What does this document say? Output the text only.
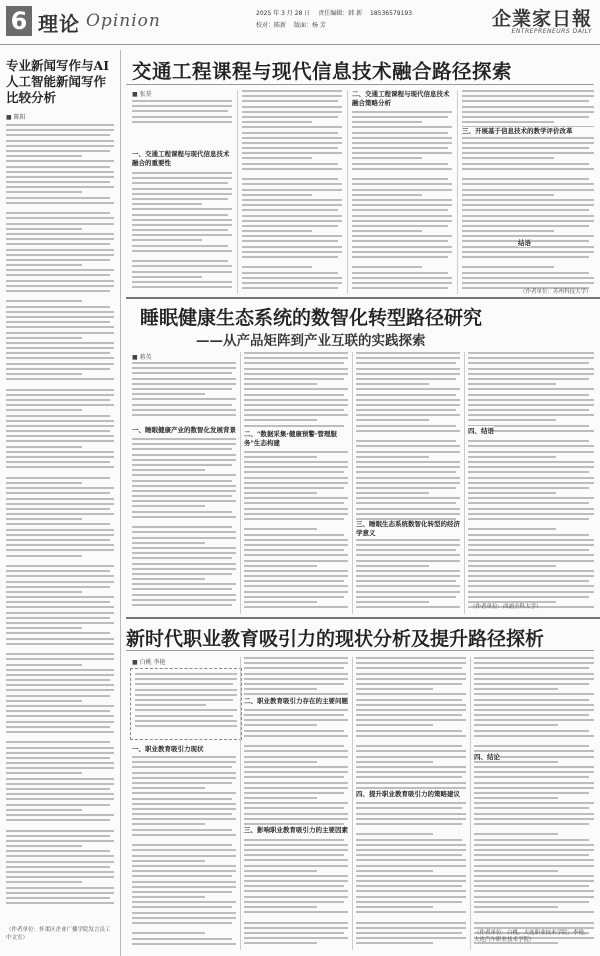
6 理论 Opinion	2025 年 3 月 28 日 责任编辑：韩 新 18536579193
校对：陈新 版面：杨 芳	企業家日報
ENTREPRENEURS DAILY
专业新闻写作与AI人工智能新闻写作比较分析
■ 陈阳
（作者单位：怀柔区企业广播学院发言员工中文室）
交通工程课程与现代信息技术融合路径探索
■ 张莫
一、交通工程课程与现代信息技术融合的重要性
二、交通工程课程与现代信息技术融合策略分析
三、开展基于信息技术的教学评价改革
结语
（作者单位：苏州科技大学）
睡眠健康生态系统的数智化转型路径研究
——从产品矩阵到产业互联的实践探索
■ 蒋英
一、睡眠健康产业的数智化发展背景 二、"数据采集·健康预警·管理服务"生态构建
三、睡眠生态系统数智化转型的经济学意义
四、结语
（作者单位：西浦全科大学）
新时代职业教育吸引力的现状分析及提升路径探析
■ 白桃 李艳
一、职业教育吸引力现状
二、职业教育吸引力存在的主要问题
三、影响职业教育吸引力的主要因素
四、提升职业教育吸引力的策略建议
四、结论
（作者单位：白桃，大连职业技术学院；李艳，大连汽车职业技术学院）
